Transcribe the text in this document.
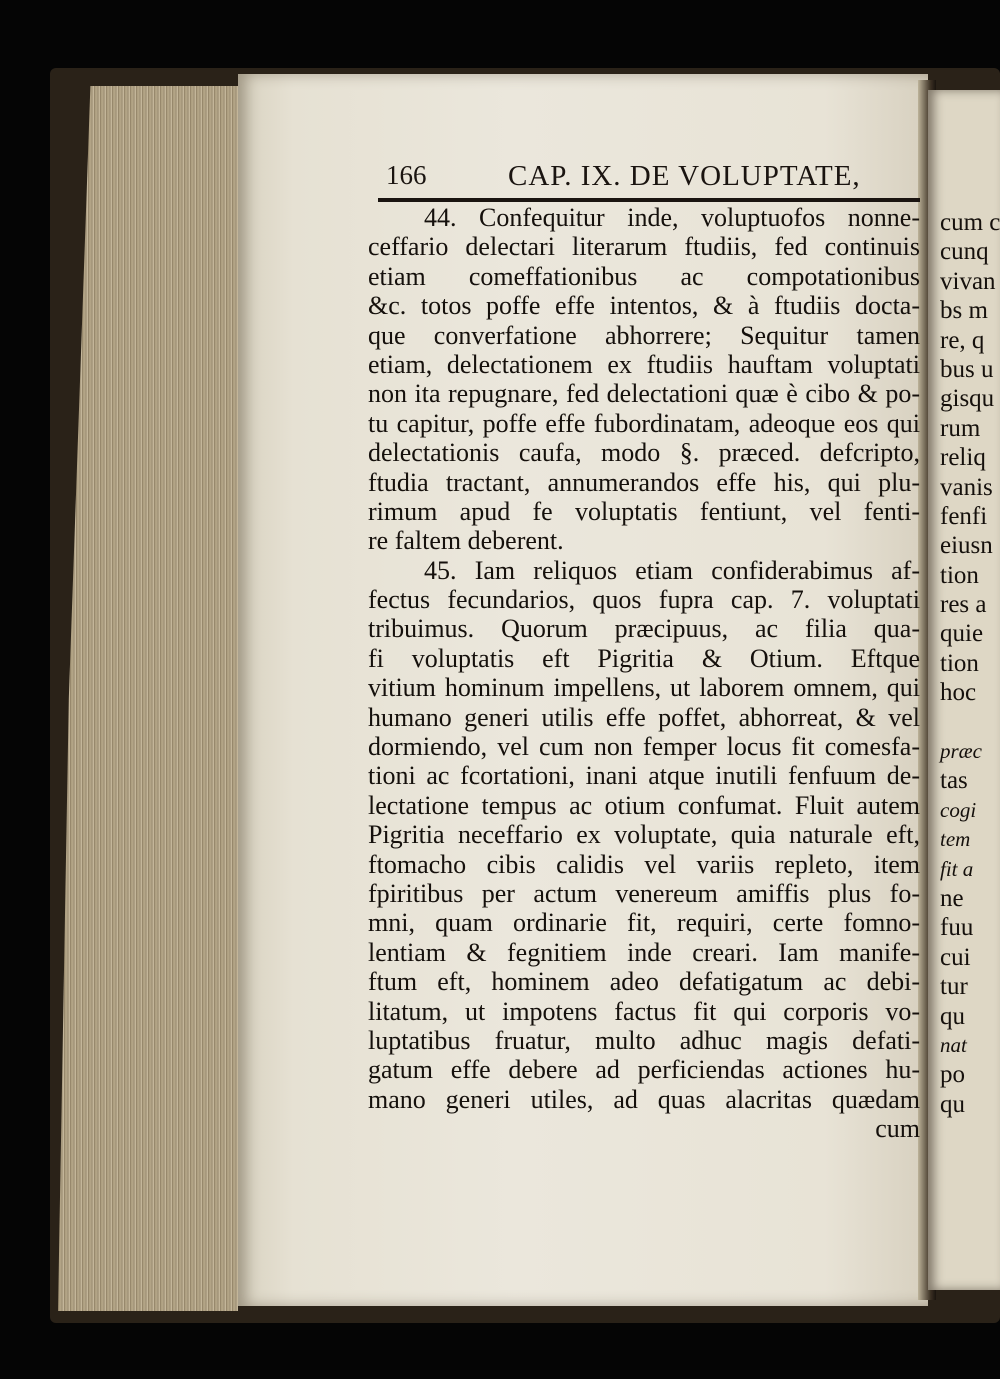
cum c
cunq
vivan
bs m
re, q
bus u
gisqu
rum
reliq
vanis
fenfi
eiusn
tion
res a
quie
tion
hoc
præc
tas
cogi
tem
fit a
ne
fuu
cui
tur
qu
nat
po
qu
166	CAP. IX. DE VOLUPTATE,
44. Confequitur inde, voluptuofos nonne-
ceffario delectari literarum ftudiis, fed continuis
etiam comeffationibus ac compotationibus
&c. totos poffe effe intentos, & à ftudiis docta-
que converfatione abhorrere; Sequitur tamen
etiam, delectationem ex ftudiis hauftam voluptati
non ita repugnare, fed delectationi quæ è cibo & po-
tu capitur, poffe effe fubordinatam, adeoque eos qui
delectationis caufa, modo §. præced. defcripto,
ftudia tractant, annumerandos effe his, qui plu-
rimum apud fe voluptatis fentiunt, vel fenti-
re faltem deberent.
45. Iam reliquos etiam confiderabimus af-
fectus fecundarios, quos fupra cap. 7. voluptati
tribuimus. Quorum præcipuus, ac filia qua-
fi voluptatis eft Pigritia & Otium. Eftque
vitium hominum impellens, ut laborem omnem, qui
humano generi utilis effe poffet, abhorreat, & vel
dormiendo, vel cum non femper locus fit comesfa-
tioni ac fcortationi, inani atque inutili fenfuum de-
lectatione tempus ac otium confumat. Fluit autem
Pigritia neceffario ex voluptate, quia naturale eft,
ftomacho cibis calidis vel variis repleto, item
fpiritibus per actum venereum amiffis plus fo-
mni, quam ordinarie fit, requiri, certe fomno-
lentiam & fegnitiem inde creari. Iam manife-
ftum eft, hominem adeo defatigatum ac debi-
litatum, ut impotens factus fit qui corporis vo-
luptatibus fruatur, multo adhuc magis defati-
gatum effe debere ad perficiendas actiones hu-
mano generi utiles, ad quas alacritas quædam
cum
